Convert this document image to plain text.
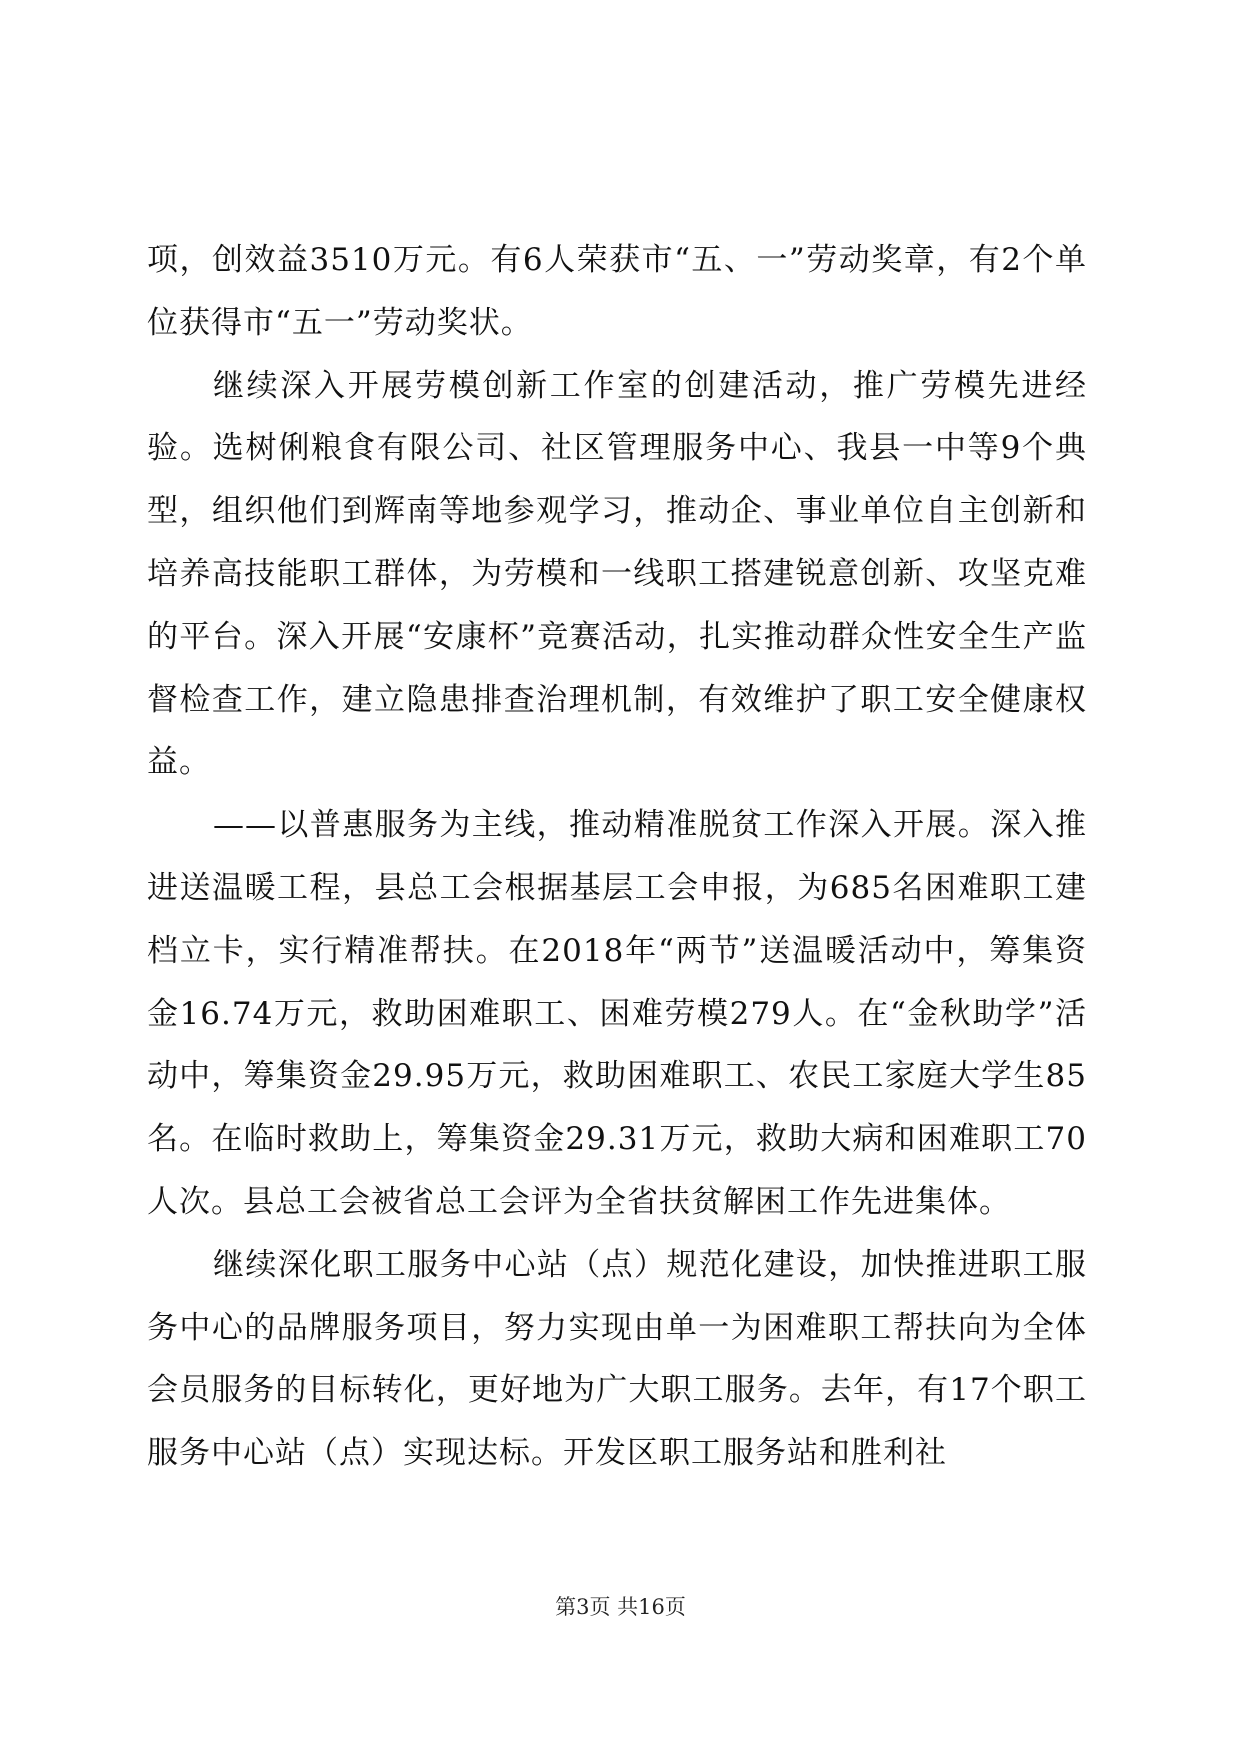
项，创效益3510万元。有6人荣获市“五、一”劳动奖章，有2个单位获得市“五一”劳动奖状。

继续深入开展劳模创新工作室的创建活动，推广劳模先进经验。选树俐粮食有限公司、社区管理服务中心、我县一中等9个典型，组织他们到辉南等地参观学习，推动企、事业单位自主创新和培养高技能职工群体，为劳模和一线职工搭建锐意创新、攻坚克难的平台。深入开展“安康杯”竞赛活动，扎实推动群众性安全生产监督检查工作，建立隐患排查治理机制，有效维护了职工安全健康权益。

——以普惠服务为主线，推动精准脱贫工作深入开展。深入推进送温暖工程，县总工会根据基层工会申报，为685名困难职工建档立卡，实行精准帮扶。在2018年“两节”送温暖活动中，筹集资金16.74万元，救助困难职工、困难劳模279人。在“金秋助学”活动中，筹集资金29.95万元，救助困难职工、农民工家庭大学生85名。在临时救助上，筹集资金29.31万元，救助大病和困难职工70人次。县总工会被省总工会评为全省扶贫解困工作先进集体。

继续深化职工服务中心站（点）规范化建设，加快推进职工服务中心的品牌服务项目，努力实现由单一为困难职工帮扶向为全体会员服务的目标转化，更好地为广大职工服务。去年，有17个职工服务中心站（点）实现达标。开发区职工服务站和胜利社

第3页 共16页
